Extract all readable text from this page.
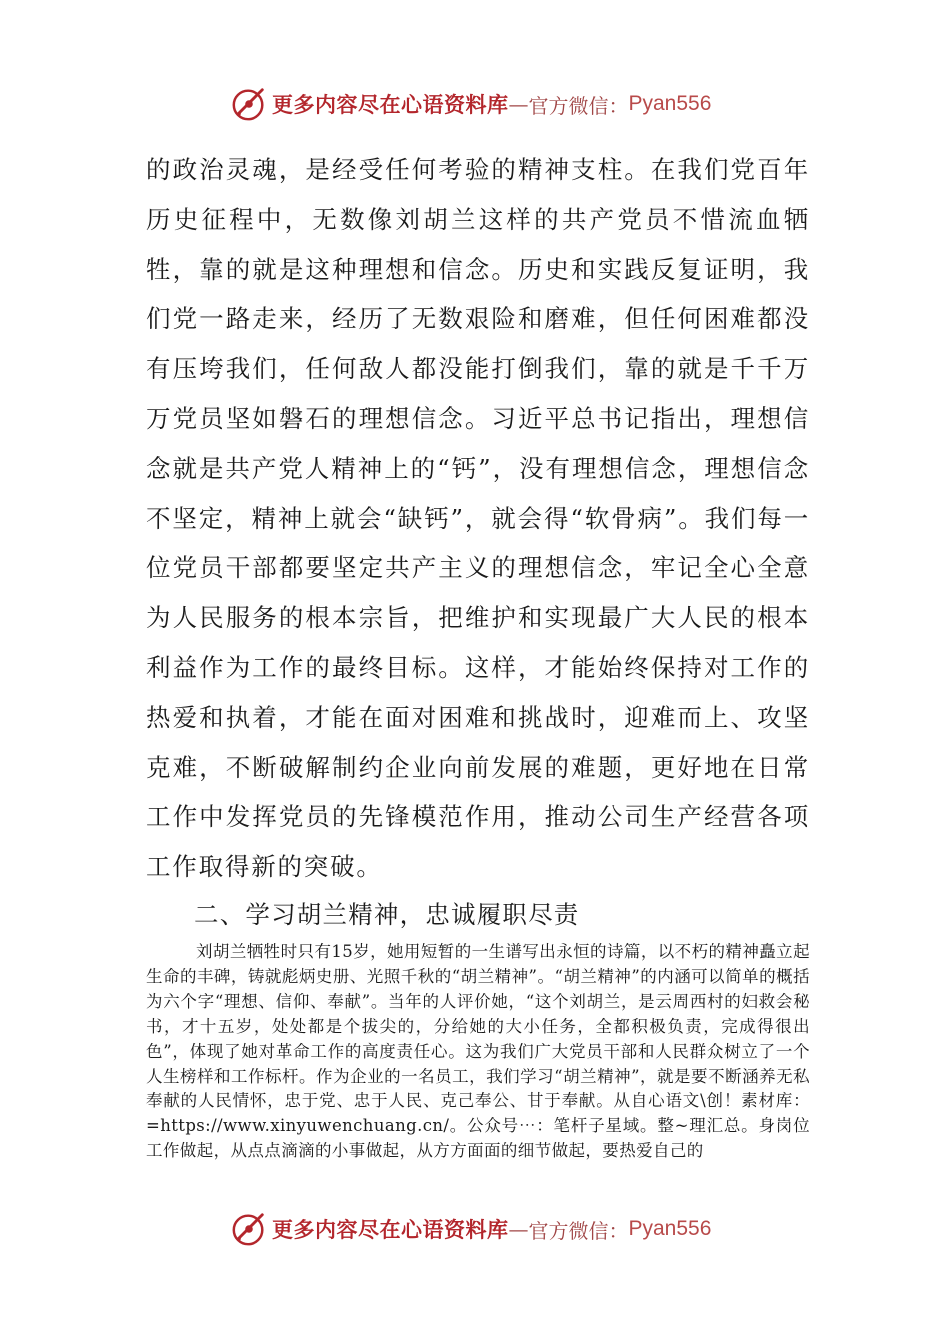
更多内容尽在心语资料库 — 官方微信： Pyan556

的政治灵魂，是经受任何考验的精神支柱。在我们党百年历史征程中，无数像刘胡兰这样的共产党员不惜流血牺牲，靠的就是这种理想和信念。历史和实践反复证明，我们党一路走来，经历了无数艰险和磨难，但任何困难都没有压垮我们，任何敌人都没能打倒我们，靠的就是千千万万党员坚如磐石的理想信念。习近平总书记指出，理想信念就是共产党人精神上的“钙”，没有理想信念，理想信念不坚定，精神上就会“缺钙”，就会得“软骨病”。我们每一位党员干部都要坚定共产主义的理想信念，牢记全心全意为人民服务的根本宗旨，把维护和实现最广大人民的根本利益作为工作的最终目标。这样，才能始终保持对工作的热爱和执着，才能在面对困难和挑战时，迎难而上、攻坚克难，不断破解制约企业向前发展的难题，更好地在日常工作中发挥党员的先锋模范作用，推动公司生产经营各项工作取得新的突破。

二、学习胡兰精神，忠诚履职尽责

刘胡兰牺牲时只有15岁，她用短暂的一生谱写出永恒的诗篇，以不朽的精神矗立起生命的丰碑，铸就彪炳史册、光照千秋的“胡兰精神”。“胡兰精神”的内涵可以简单的概括为六个字“理想、信仰、奉献”。当年的人评价她，“这个刘胡兰，是云周西村的妇救会秘书，才十五岁，处处都是个拔尖的，分给她的大小任务，全都积极负责，完成得很出色”，体现了她对革命工作的高度责任心。这为我们广大党员干部和人民群众树立了一个人生榜样和工作标杆。作为企业的一名员工，我们学习“胡兰精神”，就是要不断涵养无私奉献的人民情怀，忠于党、忠于人民、克己奉公、甘于奉献。从自心语文\创！素材库：=https://www.xinyuwenchuang.cn/。公众号⋯：笔杆子星域。整~理汇总。身岗位工作做起，从点点滴滴的小事做起，从方方面面的细节做起，要热爱自己的

更多内容尽在心语资料库 — 官方微信： Pyan556
